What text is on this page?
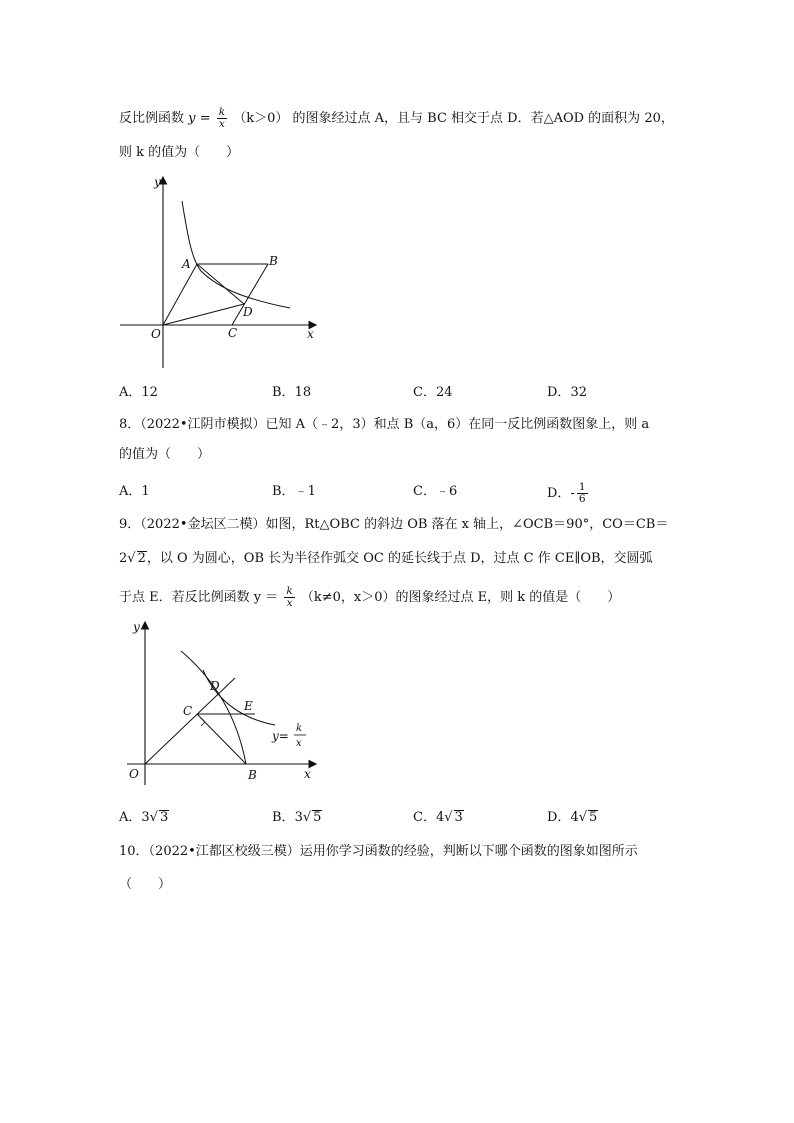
反比例函数 $y = \frac{k}{x} (k>0)$ 的图象经过点 A，且与 BC 相交于点 D．若△AOD 的面积为 20，
则 k 的值为（　　）
y
x
O
A	B
C
D
A．12	B．18	C．24	D．32
8．（2022•江阴市模拟）已知 A（﹣2，3）和点 B（a，6）在同一反比例函数图象上，则 a
的值为（　　）
A．1	B．﹣1	C．﹣6	D．- $\frac{1}{6}$
9．（2022•金坛区二模）如图，Rt△OBC 的斜边 OB 落在 x 轴上，∠OCB＝90°，CO＝CB＝
2√ 2，以 O 为圆心，OB 长为半径作弧交 OC 的延长线于点 D，过点 C 作 CE∥OB，交圆弧
于点 E．若反比例函数 $y = \frac{k}{x} (k\ne 0$，x＞0）的图象经过点 E，则 k 的值是（　　）
y
x
O	B
C
D
E
y=
k
x
A．3√ 3	B．3√ 5	C．4√ 3	D．4√ 5
10．（2022•江都区校级三模）运用你学习函数的经验，判断以下哪个函数的图象如图所示
（　　）
